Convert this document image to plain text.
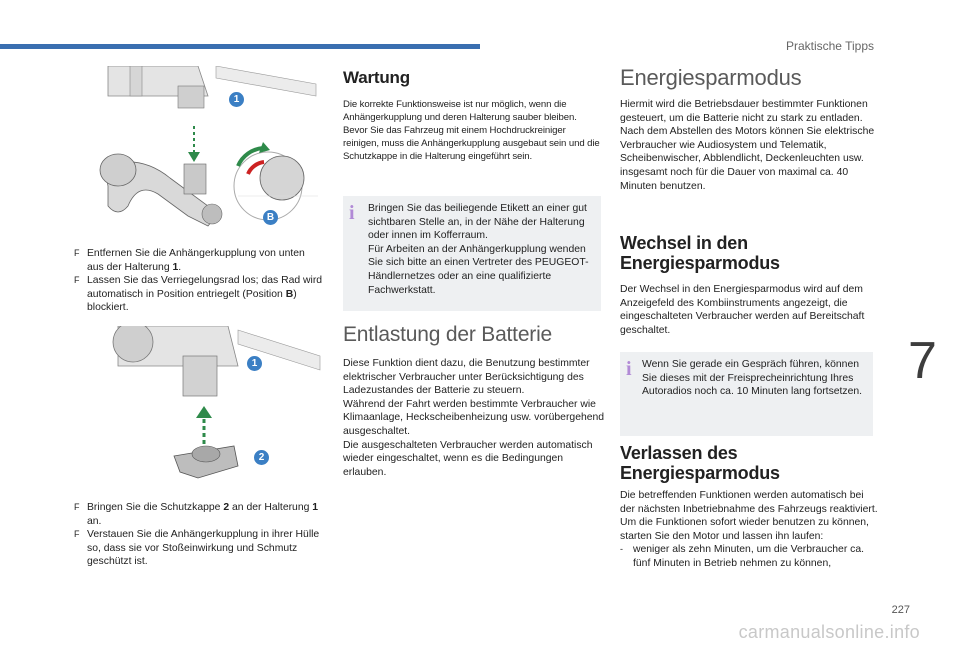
Praktische Tipps
1
B
F Entfernen Sie die Anhängerkupplung von unten aus der Halterung 1.
F Lassen Sie das Verriegelungsrad los; das Rad wird automatisch in Position entriegelt (Position B) blockiert.
1
2
F Bringen Sie die Schutzkappe 2 an der Halterung 1 an.
F Verstauen Sie die Anhängerkupplung in ihrer Hülle so, dass sie vor Stoßeinwirkung und Schmutz geschützt ist.
Wartung

Die korrekte Funktionsweise ist nur möglich, wenn die Anhängerkupplung und deren Halterung sauber bleiben.

Bevor Sie das Fahrzeug mit einem Hochdruckreiniger reinigen, muss die Anhängerkupplung ausgebaut sein und die Schutzkappe in die Halterung eingeführt sein.

i Bringen Sie das beiliegende Etikett an einer gut sichtbaren Stelle an, in der Nähe der Halterung oder innen im Kofferraum.

Für Arbeiten an der Anhängerkupplung wenden Sie sich bitte an einen Vertreter des PEUGEOT-Händlernetzes oder an eine qualifizierte Fachwerkstatt.

Entlastung der Batterie

Diese Funktion dient dazu, die Benutzung bestimmter elektrischer Verbraucher unter Berücksichtigung des Ladezustandes der Batterie zu steuern.

Während der Fahrt werden bestimmte Verbraucher wie Klimaanlage, Heckscheibenheizung usw. vorübergehend ausgeschaltet.

Die ausgeschalteten Verbraucher werden automatisch wieder eingeschaltet, wenn es die Bedingungen erlauben.

Energiesparmodus

Hiermit wird die Betriebsdauer bestimmter Funktionen gesteuert, um die Batterie nicht zu stark zu entladen.

Nach dem Abstellen des Motors können Sie elektrische Verbraucher wie Audiosystem und Telematik, Scheibenwischer, Abblendlicht, Deckenleuchten usw. insgesamt noch für die Dauer von maximal ca. 40 Minuten benutzen.

Wechsel in den
Energiesparmodus

Der Wechsel in den Energiesparmodus wird auf dem Anzeigefeld des Kombiinstruments angezeigt, die eingeschalteten Verbraucher werden auf Bereitschaft geschaltet.

i Wenn Sie gerade ein Gespräch führen, können Sie dieses mit der Freisprecheinrichtung Ihres Autoradios noch ca. 10 Minuten lang fortsetzen.

Verlassen des
Energiesparmodus

Die betreffenden Funktionen werden automatisch bei der nächsten Inbetriebnahme des Fahrzeugs reaktiviert.

Um die Funktionen sofort wieder benutzen zu können, starten Sie den Motor und lassen ihn laufen:

- weniger als zehn Minuten, um die Verbraucher ca. fünf Minuten in Betrieb nehmen zu können,
7
227
carmanualsonline.info
